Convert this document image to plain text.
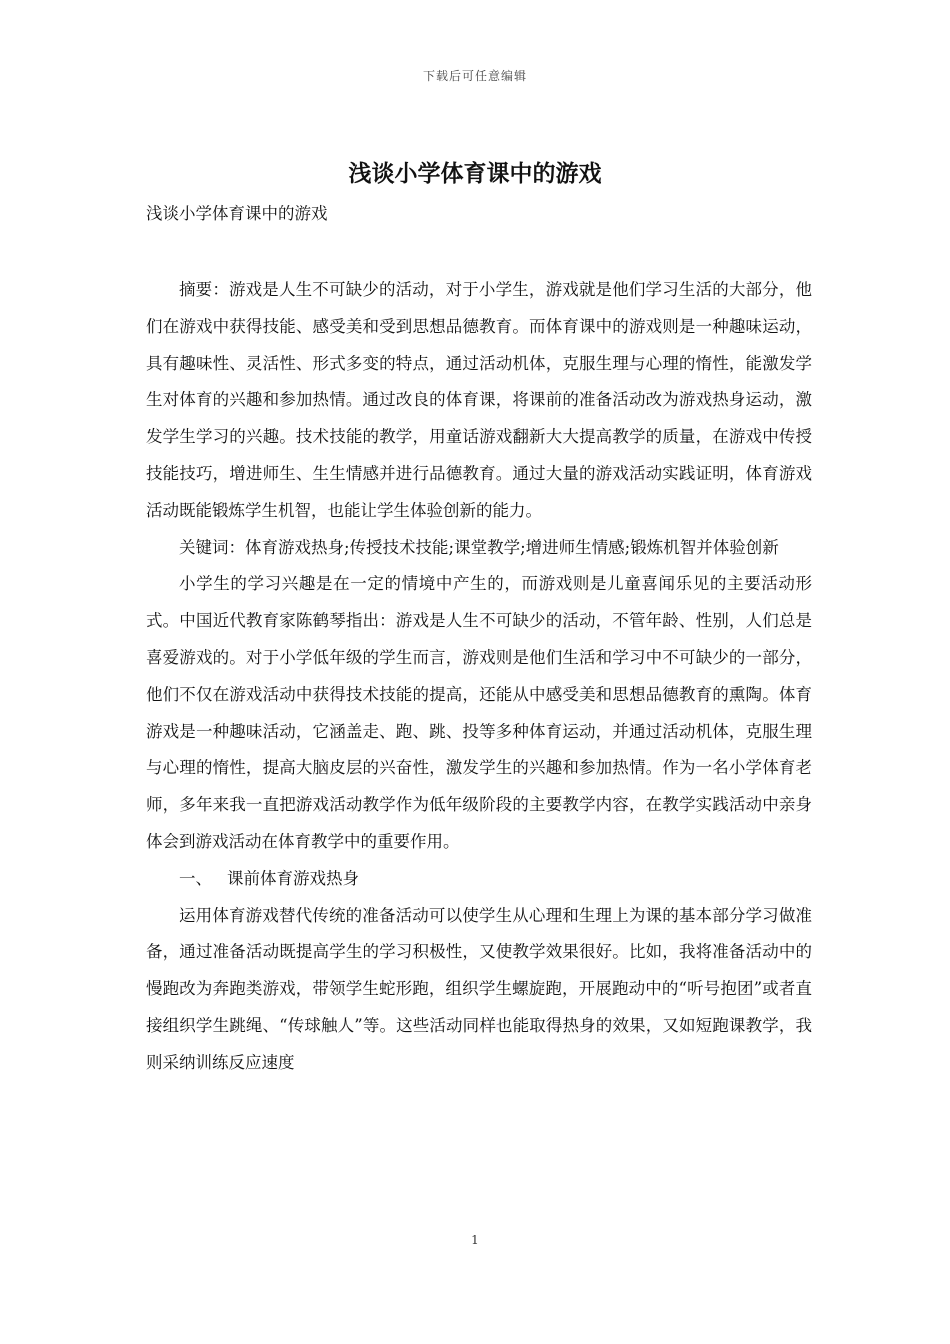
下载后可任意编辑
浅谈小学体育课中的游戏

浅谈小学体育课中的游戏

摘要：游戏是人生不可缺少的活动，对于小学生，游戏就是他们学习生活的大部分，他们在游戏中获得技能、感受美和受到思想品德教育。而体育课中的游戏则是一种趣味运动，具有趣味性、灵活性、形式多变的特点，通过活动机体，克服生理与心理的惰性，能激发学生对体育的兴趣和参加热情。通过改良的体育课，将课前的准备活动改为游戏热身运动，激发学生学习的兴趣。技术技能的教学，用童话游戏翻新大大提高教学的质量，在游戏中传授技能技巧，增进师生、生生情感并进行品德教育。通过大量的游戏活动实践证明，体育游戏活动既能锻炼学生机智，也能让学生体验创新的能力。

关键词：体育游戏热身;传授技术技能;课堂教学;增进师生情感;锻炼机智并体验创新

小学生的学习兴趣是在一定的情境中产生的，而游戏则是儿童喜闻乐见的主要活动形式。中国近代教育家陈鹤琴指出：游戏是人生不可缺少的活动，不管年龄、性别，人们总是喜爱游戏的。对于小学低年级的学生而言，游戏则是他们生活和学习中不可缺少的一部分，他们不仅在游戏活动中获得技术技能的提高，还能从中感受美和思想品德教育的熏陶。体育游戏是一种趣味活动，它涵盖走、跑、跳、投等多种体育运动，并通过活动机体，克服生理与心理的惰性，提高大脑皮层的兴奋性，激发学生的兴趣和参加热情。作为一名小学体育老师，多年来我一直把游戏活动教学作为低年级阶段的主要教学内容，在教学实践活动中亲身体会到游戏活动在体育教学中的重要作用。

一、 课前体育游戏热身

运用体育游戏替代传统的准备活动可以使学生从心理和生理上为课的基本部分学习做准备，通过准备活动既提高学生的学习积极性，又使教学效果很好。比如，我将准备活动中的慢跑改为奔跑类游戏，带领学生蛇形跑，组织学生螺旋跑，开展跑动中的“听号抱团”或者直接组织学生跳绳、“传球触人”等。这些活动同样也能取得热身的效果，又如短跑课教学，我则采纳训练反应速度

1
